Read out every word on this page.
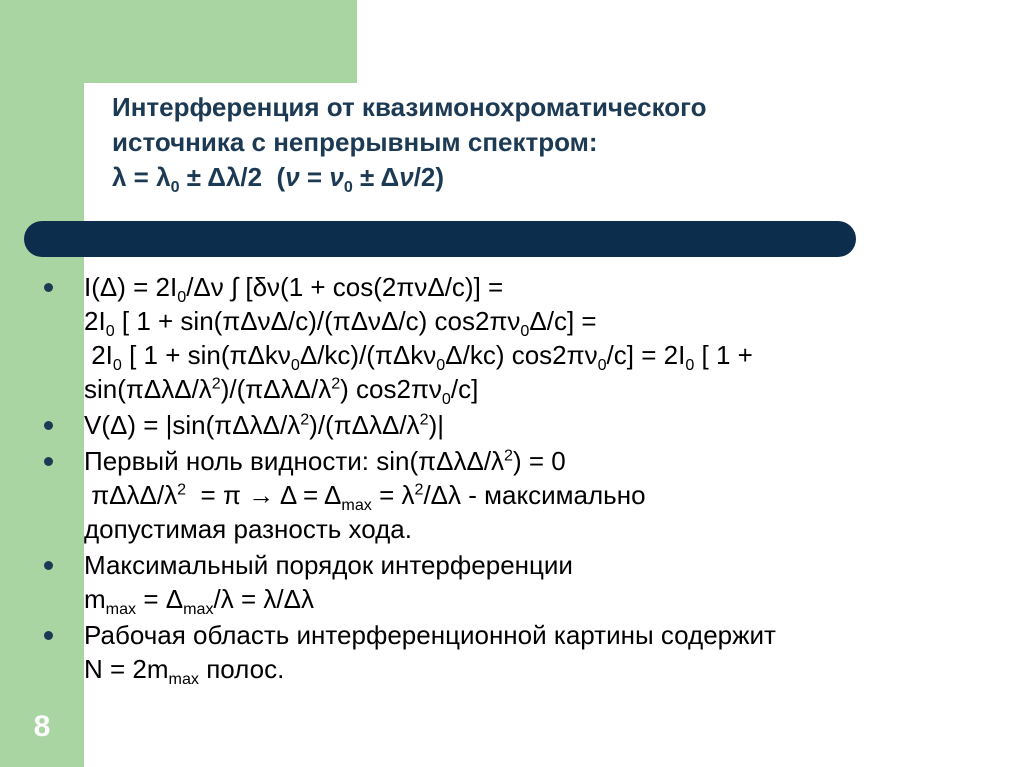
8
Интерференция от квазимонохроматического
источника с непрерывным спектром:
$\lambda = \lambda_0 \pm \Delta\lambda/2$  $(\nu = \nu_0 \pm \Delta\nu/2)$
$I(\Delta) = 2I_0/\Delta\nu$ ∫ [δν(1 + cos(2πνΔ/c)] =
$2I_0$ [ 1 + sin(πΔνΔ/c)/(πΔνΔ/c) $\cos 2\pi\nu_0\Delta/c$] =
$2I_0$ [ 1 + sin(πΔkν$_0$Δ/kc)/(πΔkν$_0$Δ/kc) $\cos 2\pi\nu_0/c] = 2I_0$ [ 1 +
$\sin(\pi\Delta\lambda\Delta/\lambda^2)/(\pi\Delta\lambda\Delta/\lambda^2)$ $\cos 2\pi\nu_0/c$]
$V(\Delta) = |\sin(\pi\Delta\lambda\Delta/\lambda^2)/(\pi\Delta\lambda\Delta/\lambda^2)|$
Первый ноль видности: $\sin(\pi\Delta\lambda\Delta/\lambda^2) = 0$
πΔλΔ/$\lambda^2 = \pi \to \Delta = \Delta_{max} = \lambda^2/\Delta\lambda$ - максимально
допустимая разность хода.
Максимальный порядок интерференции
$m_{max} = \Delta_{max}/\lambda = \lambda/\Delta\lambda$
Рабочая область интерференционной картины содержит
$N = 2m_{max}$ полос.
